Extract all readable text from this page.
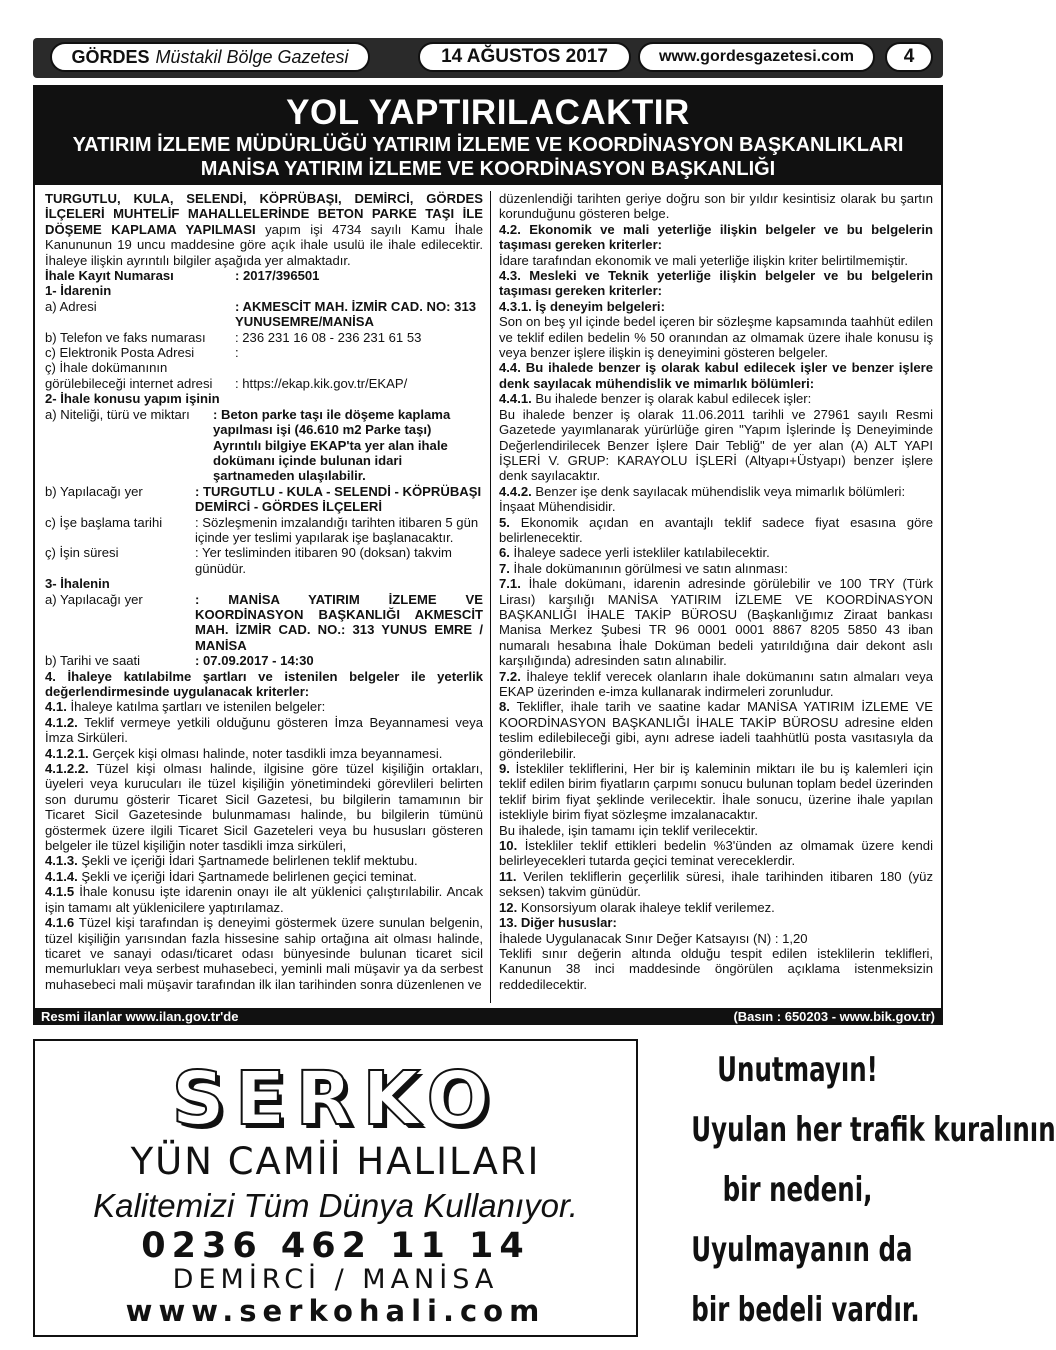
GÖRDES Müstakil Bölge Gazetesi	14 AĞUSTOS 2017	www.gordesgazetesi.com	4
YOL YAPTIRILACAKTIR
YATIRIM İZLEME MÜDÜRLÜĞÜ YATIRIM İZLEME VE KOORDİNASYON BAŞKANLIKLARI
MANİSA YATIRIM İZLEME VE KOORDİNASYON BAŞKANLIĞI

TURGUTLU, KULA, SELENDİ, KÖPRÜBAŞI, DEMİRCİ, GÖRDES İLÇELERİ MUHTELİF MAHALLELERİNDE BETON PARKE TAŞI İLE DÖŞEME KAPLAMA YAPILMASI yapım işi 4734 sayılı Kamu İhale Kanununun 19 uncu maddesine göre açık ihale usulü ile ihale edilecektir. İhaleye ilişkin ayrıntılı bilgiler aşağıda yer almaktadır.

İhale Kayıt Numarası	: 2017/396501

1- İdarenin

a) Adresi	: AKMESCİT MAH. İZMİR CAD. NO: 313 YUNUSEMRE/MANİSA
b) Telefon ve faks numarası	: 236 231 16 08 - 236 231 61 53
c) Elektronik Posta Adresi	:
ç) İhale dokümanının görülebileceği internet adresi	: https://ekap.kik.gov.tr/EKAP/

2- İhale konusu yapım işinin

a) Niteliği, türü ve miktarı	: Beton parke taşı ile döşeme kaplama yapılması işi (46.610 m2 Parke taşı)
Ayrıntılı bilgiye EKAP'ta yer alan ihale dokümanı içinde bulunan idari şartnameden ulaşılabilir.
b) Yapılacağı yer	: TURGUTLU - KULA - SELENDİ - KÖPRÜBAŞI DEMİRCİ - GÖRDES İLÇELERİ
c) İşe başlama tarihi	: Sözleşmenin imzalandığı tarihten itibaren 5 gün içinde yer teslimi yapılarak işe başlanacaktır.
ç) İşin süresi	: Yer tesliminden itibaren 90 (doksan) takvim günüdür.

3- İhalenin

a) Yapılacağı yer	: MANİSA YATIRIM İZLEME VE KOORDİNASYON BAŞKANLIĞI AKMESCİT MAH. İZMİR CAD. NO.: 313 YUNUS EMRE / MANİSA
b) Tarihi ve saati	: 07.09.2017 - 14:30

4. İhaleye katılabilme şartları ve istenilen belgeler ile yeterlik değerlendirmesinde uygulanacak kriterler:

4.1. İhaleye katılma şartları ve istenilen belgeler:

4.1.2. Teklif vermeye yetkili olduğunu gösteren İmza Beyannamesi veya İmza Sirküleri.

4.1.2.1. Gerçek kişi olması halinde, noter tasdikli imza beyannamesi.

4.1.2.2. Tüzel kişi olması halinde, ilgisine göre tüzel kişiliğin ortakları, üyeleri veya kurucuları ile tüzel kişiliğin yönetimindeki görevlileri belirten son durumu gösterir Ticaret Sicil Gazetesi, bu bilgilerin tamamının bir Ticaret Sicil Gazetesinde bulunmaması halinde, bu bilgilerin tümünü göstermek üzere ilgili Ticaret Sicil Gazeteleri veya bu hususları gösteren belgeler ile tüzel kişiliğin noter tasdikli imza sirküleri,

4.1.3. Şekli ve içeriği İdari Şartnamede belirlenen teklif mektubu.

4.1.4. Şekli ve içeriği İdari Şartnamede belirlenen geçici teminat.

4.1.5 İhale konusu işte idarenin onayı ile alt yüklenici çalıştırılabilir. Ancak işin tamamı alt yüklenicilere yaptırılamaz.

4.1.6 Tüzel kişi tarafından iş deneyimi göstermek üzere sunulan belgenin, tüzel kişiliğin yarısından fazla hissesine sahip ortağına ait olması halinde, ticaret ve sanayi odası/ticaret odası bünyesinde bulunan ticaret sicil memurlukları veya serbest muhasebeci, yeminli mali müşavir ya da serbest muhasebeci mali müşavir tarafından ilk ilan tarihinden sonra düzenlenen ve

düzenlendiği tarihten geriye doğru son bir yıldır kesintisiz olarak bu şartın korunduğunu gösteren belge.

4.2. Ekonomik ve mali yeterliğe ilişkin belgeler ve bu belgelerin taşıması gereken kriterler:

İdare tarafından ekonomik ve mali yeterliğe ilişkin kriter belirtilmemiştir.

4.3. Mesleki ve Teknik yeterliğe ilişkin belgeler ve bu belgelerin taşıması gereken kriterler:

4.3.1. İş deneyim belgeleri:

Son on beş yıl içinde bedel içeren bir sözleşme kapsamında taahhüt edilen ve teklif edilen bedelin % 50 oranından az olmamak üzere ihale konusu iş veya benzer işlere ilişkin iş deneyimini gösteren belgeler.

4.4. Bu ihalede benzer iş olarak kabul edilecek işler ve benzer işlere denk sayılacak mühendislik ve mimarlık bölümleri:

4.4.1. Bu ihalede benzer iş olarak kabul edilecek işler:

Bu ihalede benzer iş olarak 11.06.2011 tarihli ve 27961 sayılı Resmi Gazetede yayımlanarak yürürlüğe giren "Yapım İşlerinde İş Deneyiminde Değerlendirilecek Benzer İşlere Dair Tebliğ" de yer alan (A) ALT YAPI İŞLERİ V. GRUP: KARAYOLU İŞLERİ (Altyapı+Üstyapı) benzer işlere denk sayılacaktır.

4.4.2. Benzer işe denk sayılacak mühendislik veya mimarlık bölümleri:

İnşaat Mühendisidir.

5. Ekonomik açıdan en avantajlı teklif sadece fiyat esasına göre belirlenecektir.

6. İhaleye sadece yerli istekliler katılabilecektir.

7. İhale dokümanının görülmesi ve satın alınması:

7.1. İhale dokümanı, idarenin adresinde görülebilir ve 100 TRY (Türk Lirası) karşılığı MANİSA YATIRIM İZLEME VE KOORDİNASYON BAŞKANLIĞI İHALE TAKİP BÜROSU (Başkanlığımız Ziraat bankası Manisa Merkez Şubesi TR 96 0001 0001 8867 8205 5850 43 iban numaralı hesabına İhale Doküman bedeli yatırıldığına dair dekont aslı karşılığında) adresinden satın alınabilir.

7.2. İhaleye teklif verecek olanların ihale dokümanını satın almaları veya EKAP üzerinden e-imza kullanarak indirmeleri zorunludur.

8. Teklifler, ihale tarih ve saatine kadar MANİSA YATIRIM İZLEME VE KOORDİNASYON BAŞKANLIĞI İHALE TAKİP BÜROSU adresine elden teslim edilebileceği gibi, aynı adrese iadeli taahhütlü posta vasıtasıyla da gönderilebilir.

9. İstekliler tekliflerini, Her bir iş kaleminin miktarı ile bu iş kalemleri için teklif edilen birim fiyatların çarpımı sonucu bulunan toplam bedel üzerinden teklif birim fiyat şeklinde verilecektir. İhale sonucu, üzerine ihale yapılan istekliyle birim fiyat sözleşme imzalanacaktır.

Bu ihalede, işin tamamı için teklif verilecektir.

10. İstekliler teklif ettikleri bedelin %3'ünden az olmamak üzere kendi belirleyecekleri tutarda geçici teminat vereceklerdir.

11. Verilen tekliflerin geçerlilik süresi, ihale tarihinden itibaren 180 (yüz seksen) takvim günüdür.

12. Konsorsiyum olarak ihaleye teklif verilemez.

13. Diğer hususlar:

İhalede Uygulanacak Sınır Değer Katsayısı (N) : 1,20

Teklifi sınır değerin altında olduğu tespit edilen isteklilerin teklifleri, Kanunun 38 inci maddesinde öngörülen açıklama istenmeksizin reddedilecektir.

Resmi ilanlar www.ilan.gov.tr'de	(Basın : 650203 - www.bik.gov.tr)
SERKO
YÜN CAMİİ HALILARI
Kalitemizi Tüm Dünya Kullanıyor.
0236 462 11 14
DEMİRCİ / MANİSA
www.serkohali.com
Unutmayın!
Uyulan her trafik kuralının
bir nedeni,
Uyulmayanın da
bir bedeli vardır.
